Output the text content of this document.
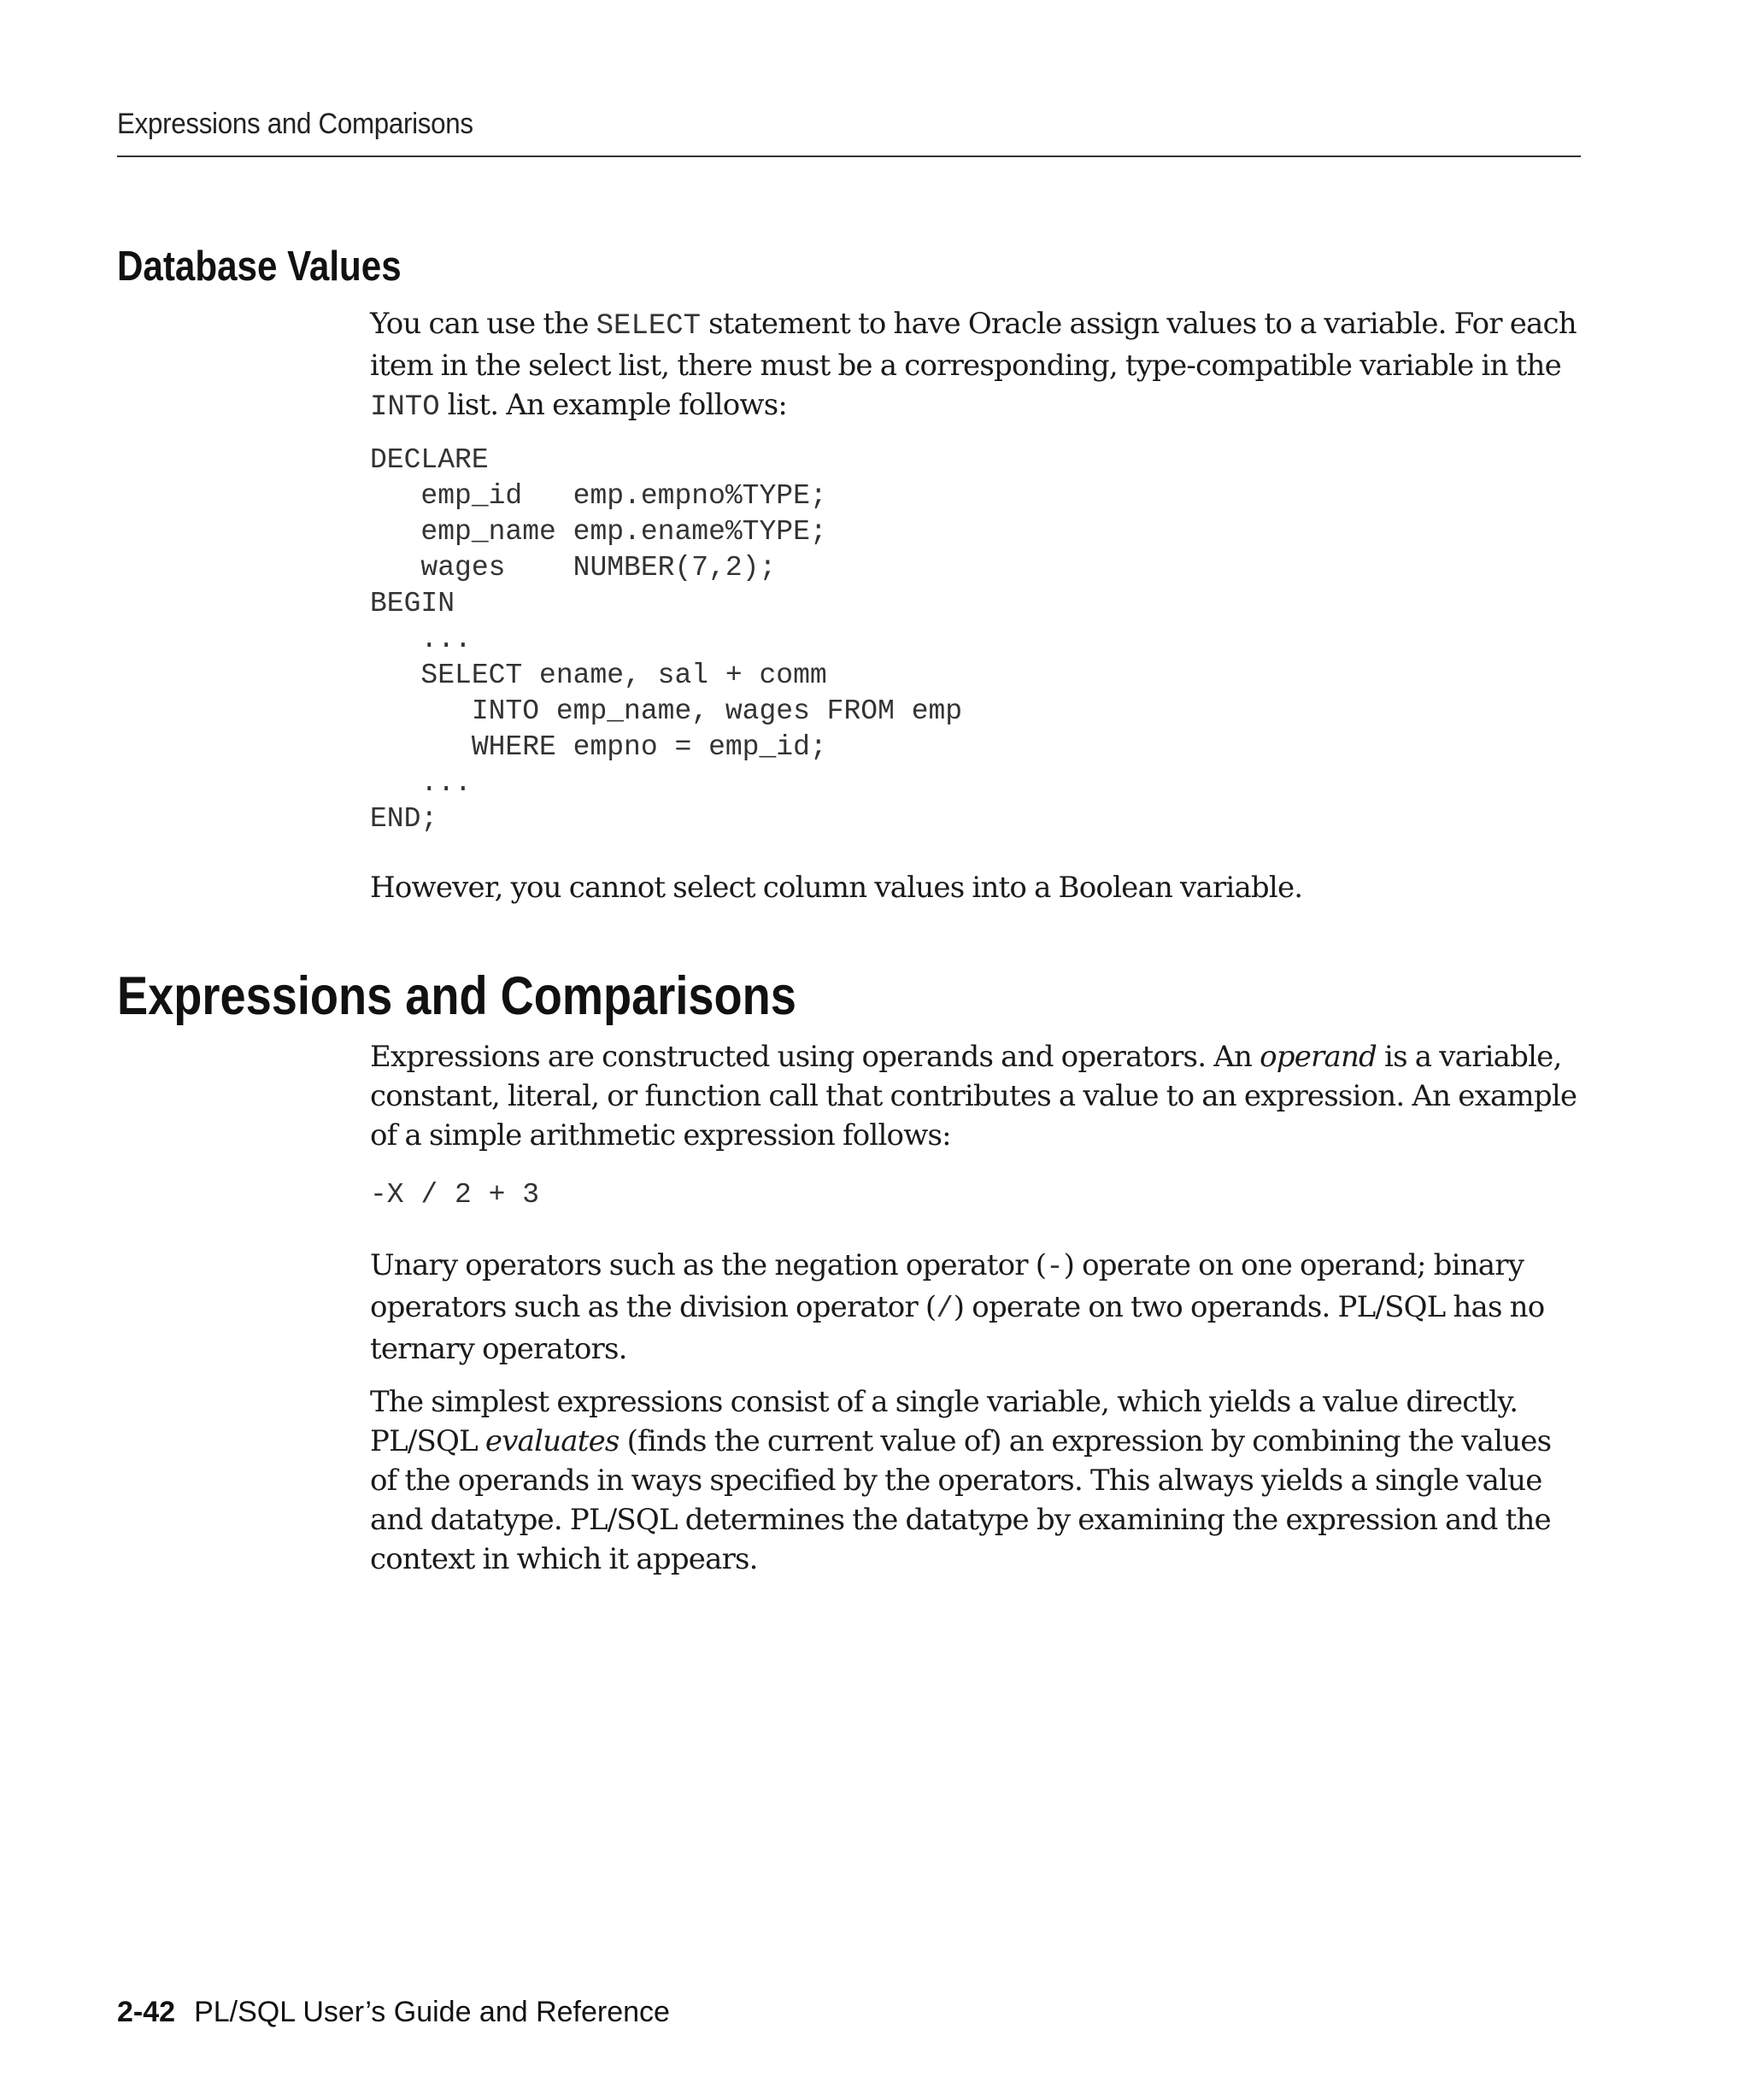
Expressions and Comparisons
Database Values

You can use the SELECT statement to have Oracle assign values to a variable. For each item in the select list, there must be a corresponding, type-compatible variable in the INTO list. An example follows:

DECLARE
emp_id   emp.empno%TYPE;
emp_name emp.ename%TYPE;
wages    NUMBER(7,2);
BEGIN
...
SELECT ename, sal + comm
INTO emp_name, wages FROM emp
WHERE empno = emp_id;
...
END;

However, you cannot select column values into a Boolean variable.

Expressions and Comparisons

Expressions are constructed using operands and operators. An operand is a variable, constant, literal, or function call that contributes a value to an expression. An example of a simple arithmetic expression follows:

-X / 2 + 3

Unary operators such as the negation operator (-) operate on one operand; binary operators such as the division operator (/) operate on two operands. PL/SQL has no ternary operators.

The simplest expressions consist of a single variable, which yields a value directly. PL/SQL evaluates (finds the current value of) an expression by combining the values of the operands in ways specified by the operators. This always yields a single value and datatype. PL/SQL determines the datatype by examining the expression and the context in which it appears.

2-42 PL/SQL User’s Guide and Reference
